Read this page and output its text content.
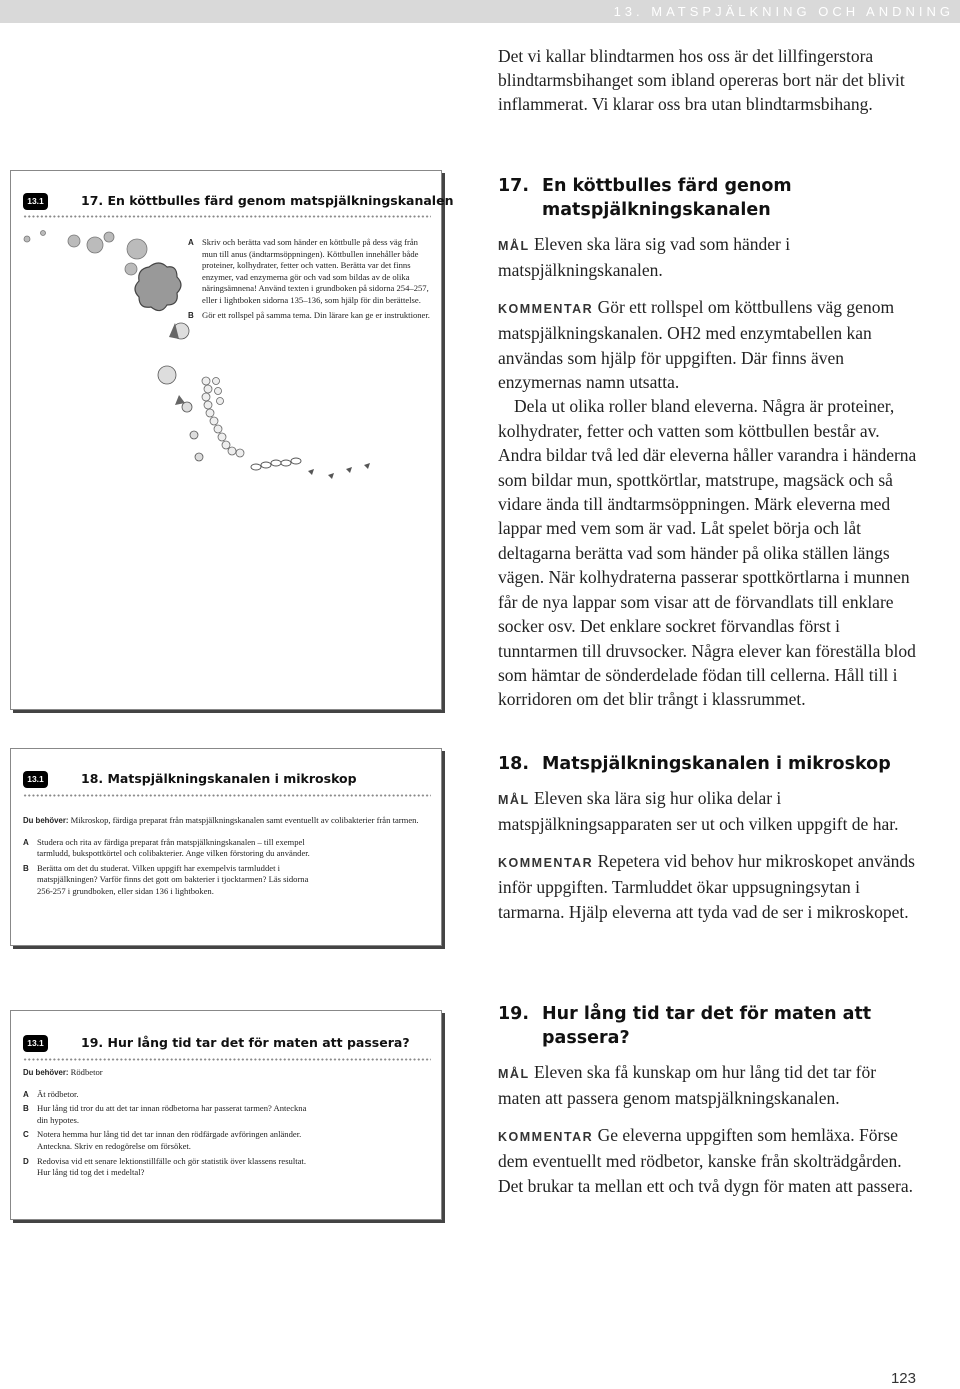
13. MATSPJÄLKNING OCH ANDNING
Det vi kallar blindtarmen hos oss är det lillfingerstora blindtarmsbihanget som ibland opereras bort när det blivit inflammerat. Vi klarar oss bra utan blindtarmsbihang.
13.1	17. En köttbulles färd genom matspjälkningskanalen
A Skriv och berätta vad som händer en köttbulle på dess väg från mun till anus (ändtarmsöppningen). Köttbullen innehåller både proteiner, kolhydrater, fetter och vatten. Berätta var det finns enzymer, vad enzymerna gör och vad som bildas av de olika näringsämnena! Använd texten i grundboken på sidorna 254–257, eller i lightboken sidorna 135–136, som hjälp för din berättelse.
B Gör ett rollspel på samma tema. Din lärare kan ge er instruktioner.
13.1	18. Matspjälkningskanalen i mikroskop
Du behöver: Mikroskop, färdiga preparat från matspjälkningskanalen samt eventuellt av colibakterier från tarmen.
A Studera och rita av färdiga preparat från matspjälkningskanalen – till exempel tarmludd, bukspottkörtel och colibakterier. Ange vilken förstoring du använder.
B Berätta om det du studerat. Vilken uppgift har exempelvis tarmluddet i matspjälkningen? Varför finns det gott om bakterier i tjocktarmen? Läs sidorna 256-257 i grundboken, eller sidan 136 i lightboken.
13.1	19. Hur lång tid tar det för maten att passera?
Du behöver: Rödbetor
A Ät rödbetor.
B Hur lång tid tror du att det tar innan rödbetorna har passerat tarmen? Anteckna din hypotes.
C Notera hemma hur lång tid det tar innan den rödfärgade avföringen anländer. Anteckna. Skriv en redogörelse om försöket.
D Redovisa vid ett senare lektionstillfälle och gör statistik över klassens resultat. Hur lång tid tog det i medeltal?
17. En köttbulles färd genom matspjälkningskanalen

MÅL Eleven ska lära sig vad som händer i matspjälkningskanalen.

KOMMENTAR Gör ett rollspel om köttbullens väg genom matspjälkningskanalen. OH2 med enzymtabellen kan användas som hjälp för uppgiften. Där finns även enzymernas namn utsatta.

Dela ut olika roller bland eleverna. Några är proteiner, kolhydrater, fetter och vatten som köttbullen består av. Andra bildar två led där eleverna håller varandra i händerna som bildar mun, spottkörtlar, matstrupe, magsäck och så vidare ända till ändtarmsöppningen. Märk eleverna med lappar med vem som är vad. Låt spelet börja och låt deltagarna berätta vad som händer på olika ställen längs vägen. När kolhydraterna passerar spottkörtlarna i munnen får de nya lappar som visar att de förvandlats till enklare socker osv. Det enklare sockret förvandlas först i tunntarmen till druvsocker. Några elever kan föreställa blod som hämtar de sönderdelade födan till cellerna. Håll till i korridoren om det blir trångt i klassrummet.

18. Matspjälkningskanalen i mikroskop

MÅL Eleven ska lära sig hur olika delar i matspjälkningsapparaten ser ut och vilken uppgift de har.

KOMMENTAR Repetera vid behov hur mikroskopet används inför uppgiften. Tarmluddet ökar uppsugningsytan i tarmarna. Hjälp eleverna att tyda vad de ser i mikroskopet.

19. Hur lång tid tar det för maten att passera?

MÅL Eleven ska få kunskap om hur lång tid det tar för maten att passera genom matspjälkningskanalen.

KOMMENTAR Ge eleverna uppgiften som hemläxa. Förse dem eventuellt med rödbetor, kanske från skolträdgården. Det brukar ta mellan ett och två dygn för maten att passera.

123
